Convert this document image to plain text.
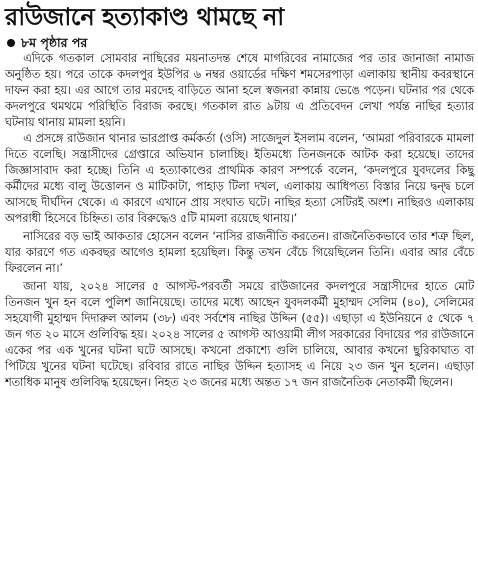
রাউজানে হত্যাকাণ্ড থামছে না
৮ম পৃষ্ঠার পর

এদিকে গতকাল সোমবার নাছিরের ময়নাতদন্ত শেষে মাগরিবের নামাজের পর তার জানাজা নামাজ অনুষ্ঠিত হয়। পরে তাকে কদলপুর ইউপির ৬ নম্বর ওয়ার্ডের দক্ষিণ শমসেরপাড়া এলাকায় স্থানীয় কবরস্থানে দাফন করা হয়। এর আগে তার মরদেহ বাড়িতে আনা হলে স্বজনরা কান্নায় ভেঙে পড়েন। ঘটনার পর থেকে কদলপুরে থমথমে পরিস্থিতি বিরাজ করছে। গতকাল রাত ৯টায় এ প্রতিবেদন লেখা পর্যন্ত নাছির হত্যার ঘটনায় থানায় মামলা হয়নি।

এ প্রসঙ্গে রাউজান থানার ভারপ্রাপ্ত কর্মকর্তা (ওসি) সাজেদুল ইসলাম বলেন, ‘আমরা পরিবারকে মামলা দিতে বলেছি। সন্ত্রাসীদের গ্রেপ্তারে অভিযান চালাচ্ছি। ইতিমধ্যে তিনজনকে আটক করা হয়েছে। তাদের জিজ্ঞাসাবাদ করা হচ্ছে। তিনি এ হত্যাকাণ্ডের প্রাথমিক কারণ সম্পর্কে বলেন, ‘কদলপুরে যুবদলের কিছু কর্মীদের মধ্যে বালু উত্তোলন ও মাটিকাটা, পাহাড় টিলা দখল, এলাকায় আধিপত্য বিস্তার নিয়ে দ্বন্দ্ব চলে আসছে দীর্ঘদিন থেকে। এ কারণে এখানে প্রায় সংঘাত ঘটে। নাছির হত্যা সেটিরই অংশ। নাছিরও এলাকায় অপরাধী হিসেবে চিহ্নিত। তার বিরুদ্ধেও ৫টি মামলা রয়েছে থানায়।’

নাসিরের বড় ভাই আকতার হোসেন বলেন ‘নাসির রাজনীতি করতেন। রাজনৈতিকভাবে তার শত্রু ছিল, যার কারণে গত একবছর আগেও হামলা হয়েছিল। কিন্তু তখন বেঁচে গিয়েছিলেন তিনি। এবার আর বেঁচে ফিরলেন না।’

জানা যায়, ২০২৪ সালের ৫ আগস্ট-পরবর্তী সময়ে রাউজানের কদলপুরে সন্ত্রাসীদের হাতে মোট তিনজন খুন হন বলে পুলিশ জানিয়েছে। তাদের মধ্যে আছেন যুবদলকর্মী মুহাম্মদ সেলিম (৪০), সেলিমের সহযোগী মুহাম্মদ দিদারুল আলম (৩৮) এবং সর্বশেষ নাছির উদ্দিন (৫৫)। এছাড়া এ ইউনিয়নে ৫ থেকে ৭ জন গত ২০ মাসে গুলিবিদ্ধ হয়। ২০২৪ সালের ৫ আগস্ট আওয়ামী লীগ সরকারের বিদায়ের পর রাউজানে একের পর এক খুনের ঘটনা ঘটে আসছে। কখনো প্রকাশ্যে গুলি চালিয়ে, আবার কখনো ছুরিকাঘাত বা পিটিয়ে খুনের ঘটনা ঘটেছে। রবিবার রাতে নাছির উদ্দিন হত্যাসহ এ নিয়ে ২৩ জন খুন হলেন। এছাড়া শতাধিক মানুষ গুলিবিদ্ধ হয়েছেন। নিহত ২৩ জনের মধ্যে অন্তত ১৭ জন রাজনৈতিক নেতাকর্মী ছিলেন।
